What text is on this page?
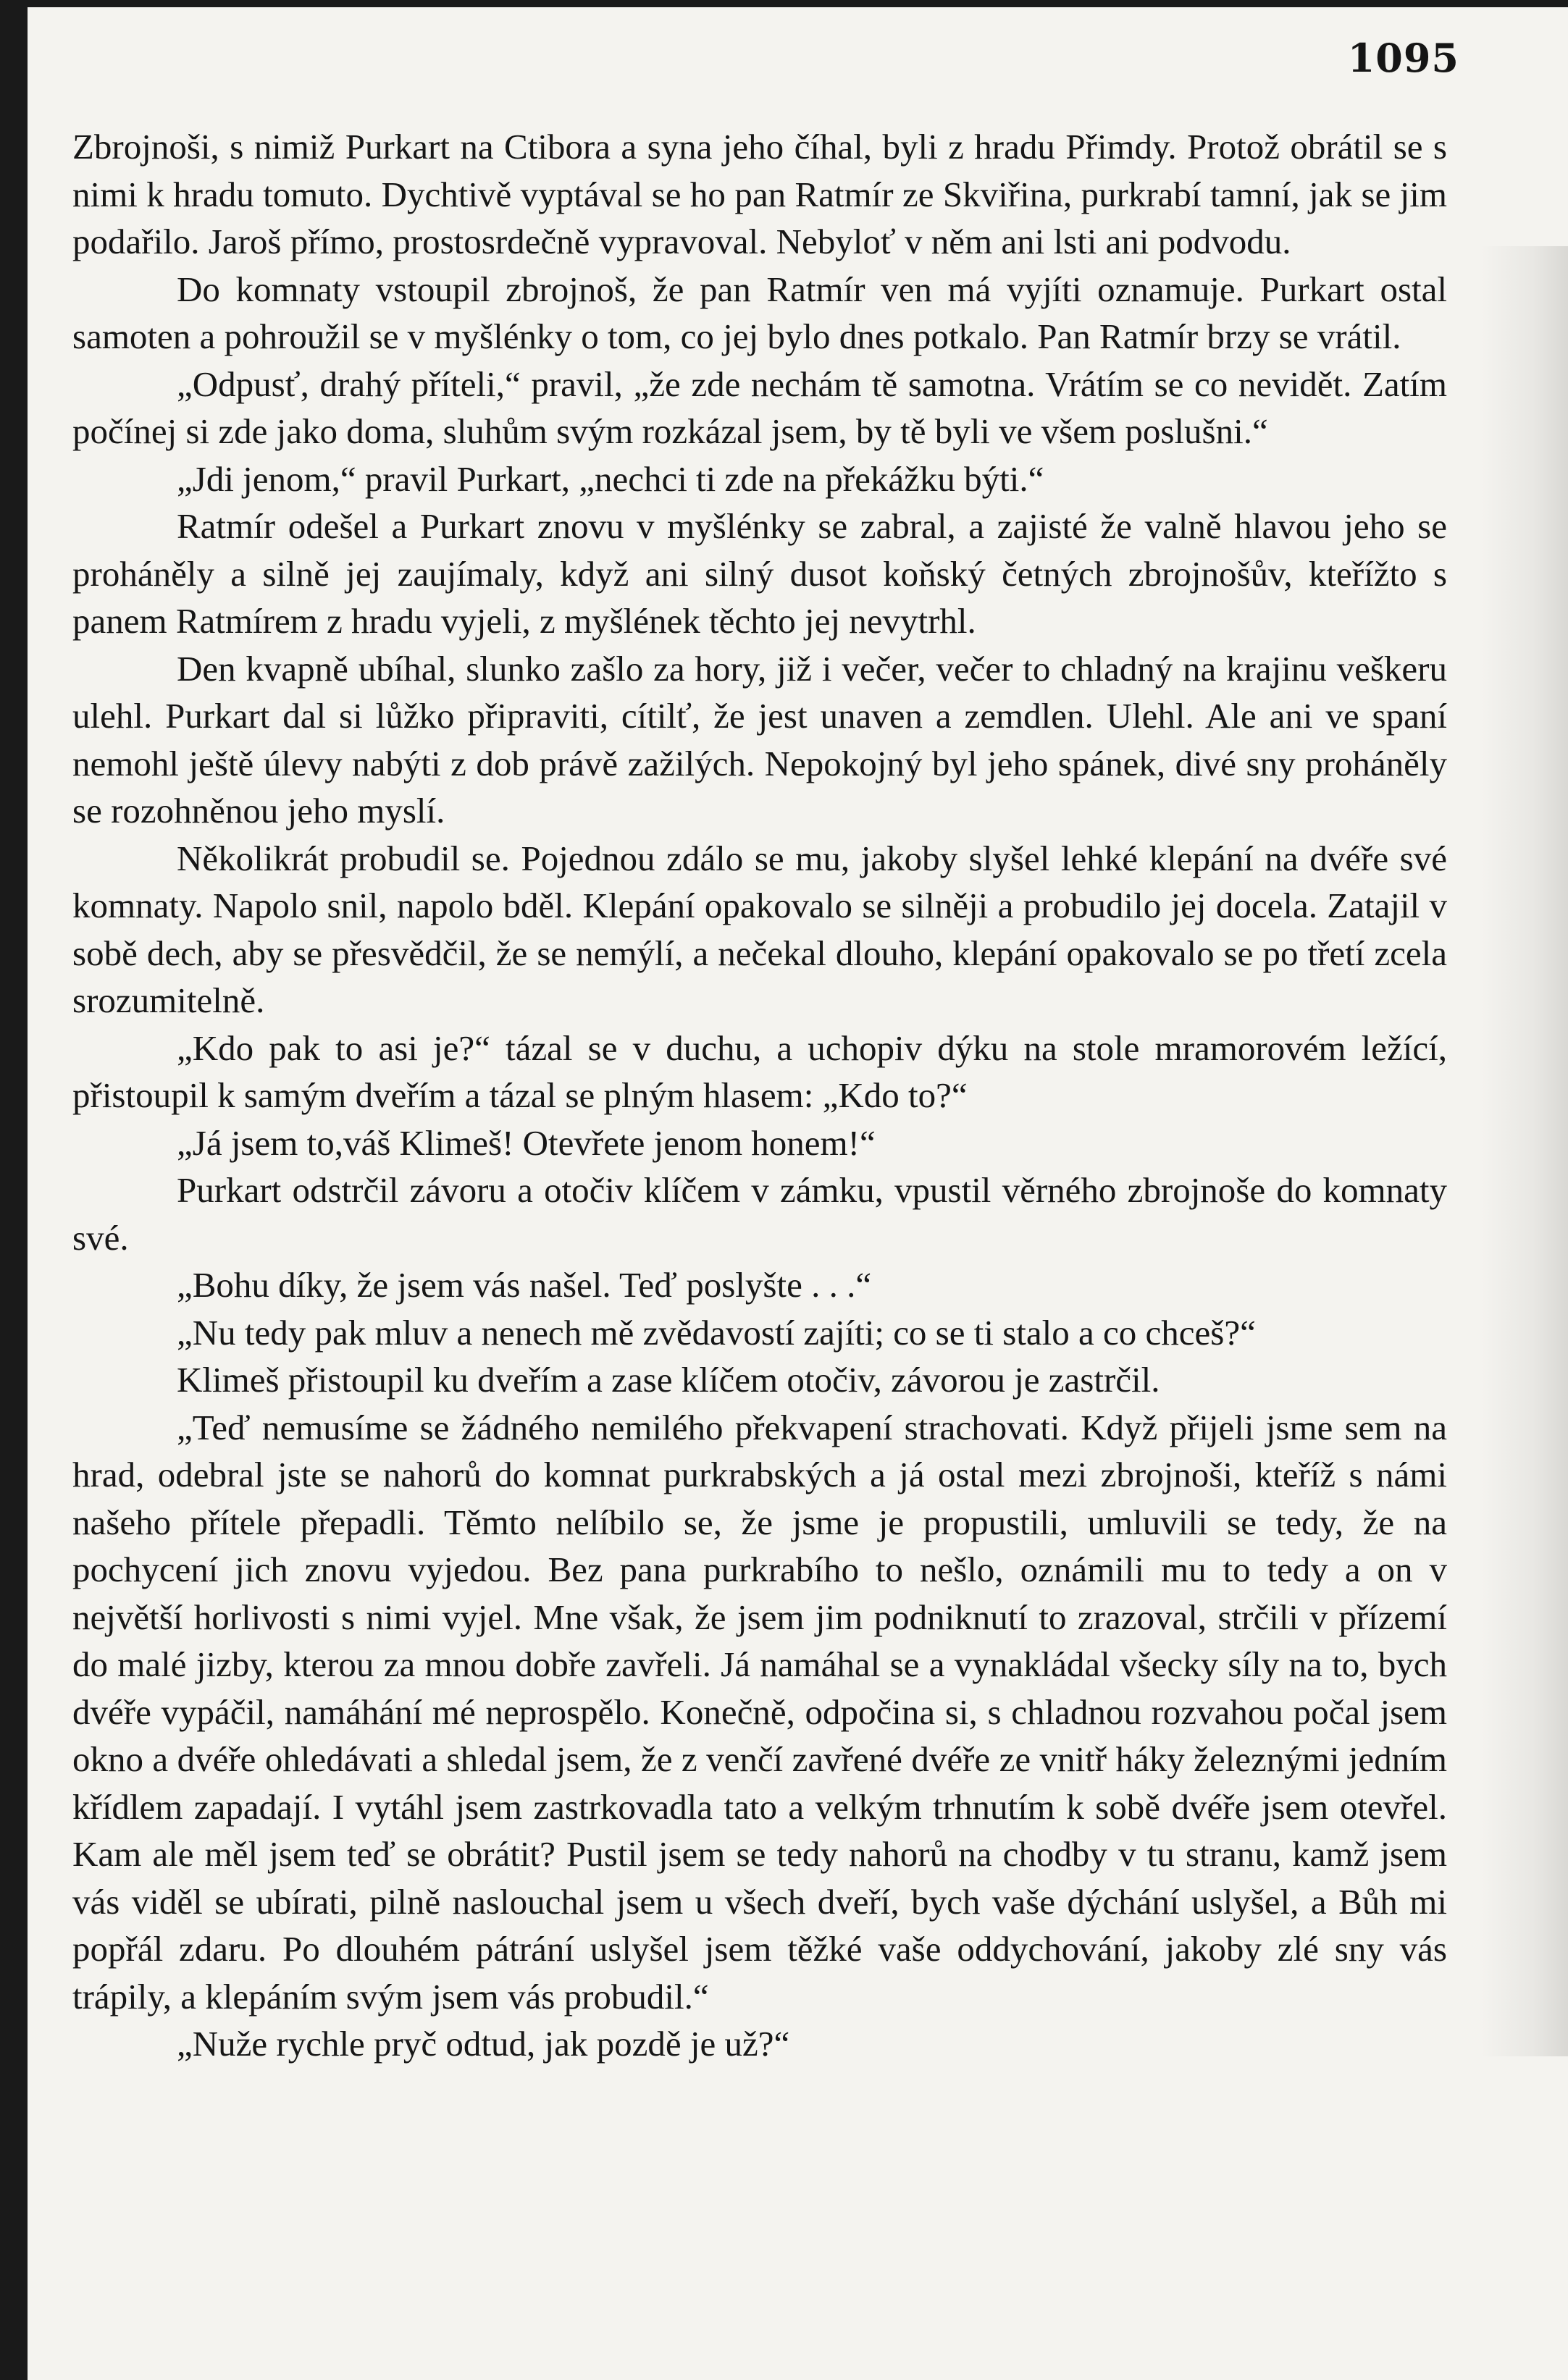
1095

Zbrojnoši, s nimiž Purkart na Ctibora a syna jeho číhal, byli z hradu Přimdy. Protož obrátil se s nimi k hradu tomuto. Dychtivě vyptával se ho pan Ratmír ze Skviřina, purkrabí tamní, jak se jim podařilo. Jaroš přímo, prostosrdečně vypravoval. Nebyloť v něm ani lsti ani podvodu.

Do komnaty vstoupil zbrojnoš, že pan Ratmír ven má vyjíti oznamuje. Purkart ostal samoten a pohroužil se v myšlénky o tom, co jej bylo dnes potkalo. Pan Ratmír brzy se vrátil.

„Odpusť, drahý příteli,“ pravil, „že zde nechám tě samotna. Vrátím se co nevidět. Zatím počínej si zde jako doma, sluhům svým rozkázal jsem, by tě byli ve všem poslušni.“

„Jdi jenom,“ pravil Purkart, „nechci ti zde na překážku býti.“

Ratmír odešel a Purkart znovu v myšlénky se zabral, a zajisté že valně hlavou jeho se proháněly a silně jej zaujímaly, když ani silný dusot koňský četných zbrojnošův, kteřížto s panem Ratmírem z hradu vyjeli, z myšlének těchto jej nevytrhl.

Den kvapně ubíhal, slunko zašlo za hory, již i večer, večer to chladný na krajinu veškeru ulehl. Purkart dal si lůžko připraviti, cítilť, že jest unaven a zemdlen. Ulehl. Ale ani ve spaní nemohl ještě úlevy nabýti z dob právě zažilých. Nepokojný byl jeho spánek, divé sny proháněly se rozohněnou jeho myslí.

Několikrát probudil se. Pojednou zdálo se mu, jakoby slyšel lehké klepání na dvéře své komnaty. Napolo snil, napolo bděl. Klepání opakovalo se silněji a probudilo jej docela. Zatajil v sobě dech, aby se přesvědčil, že se nemýlí, a nečekal dlouho, klepání opakovalo se po třetí zcela srozumitelně.

„Kdo pak to asi je?“ tázal se v duchu, a uchopiv dýku na stole mramorovém ležící, přistoupil k samým dveřím a tázal se plným hlasem: „Kdo to?“

„Já jsem to,váš Klimeš! Otevřete jenom honem!“

Purkart odstrčil závoru a otočiv klíčem v zámku, vpustil věrného zbrojnoše do komnaty své.

„Bohu díky, že jsem vás našel. Teď poslyšte . . .“

„Nu tedy pak mluv a nenech mě zvědavostí zajíti; co se ti stalo a co chceš?“

Klimeš přistoupil ku dveřím a zase klíčem otočiv, závorou je zastrčil.

„Teď nemusíme se žádného nemilého překvapení strachovati. Když přijeli jsme sem na hrad, odebral jste se nahorů do komnat purkrabských a já ostal mezi zbrojnoši, kteříž s námi našeho přítele přepadli. Těmto nelíbilo se, že jsme je propustili, umluvili se tedy, že na pochycení jich znovu vyjedou. Bez pana purkrabího to nešlo, oznámili mu to tedy a on v největší horlivosti s nimi vyjel. Mne však, že jsem jim podniknutí to zrazoval, strčili v přízemí do malé jizby, kterou za mnou dobře zavřeli. Já namáhal se a vynakládal všecky síly na to, bych dvéře vypáčil, namáhání mé neprospělo. Konečně, odpočina si, s chladnou rozvahou počal jsem okno a dvéře ohledávati a shledal jsem, že z venčí zavřené dvéře ze vnitř háky železnými jedním křídlem zapadají. I vytáhl jsem zastrkovadla tato a velkým trhnutím k sobě dvéře jsem otevřel. Kam ale měl jsem teď se obrátit? Pustil jsem se tedy nahorů na chodby v tu stranu, kamž jsem vás viděl se ubírati, pilně naslouchal jsem u všech dveří, bych vaše dýchání uslyšel, a Bůh mi popřál zdaru. Po dlouhém pátrání uslyšel jsem těžké vaše oddychování, jakoby zlé sny vás trápily, a klepáním svým jsem vás probudil.“

„Nuže rychle pryč odtud, jak pozdě je už?“
